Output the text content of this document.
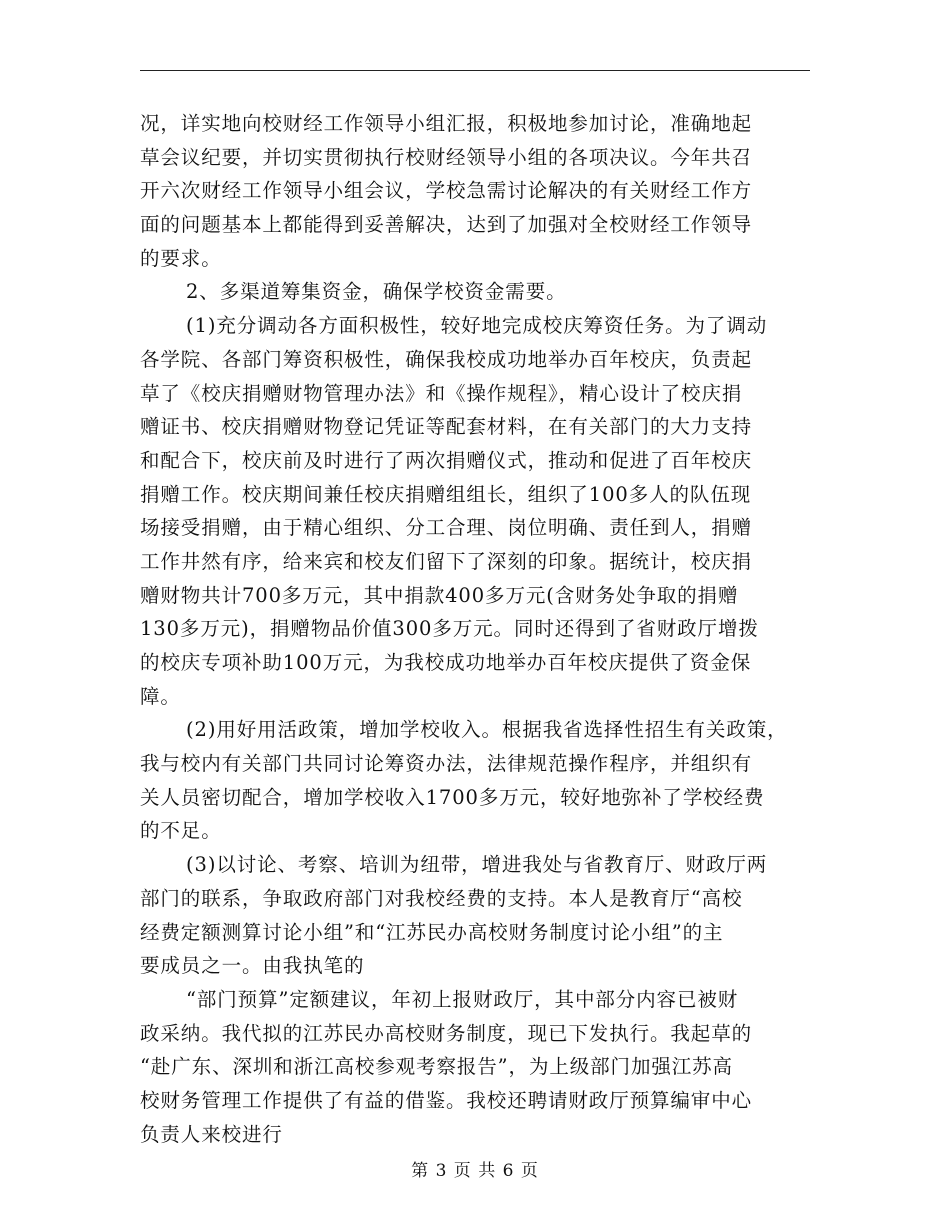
况，详实地向校财经工作领导小组汇报，积极地参加讨论，准确地起
草会议纪要，并切实贯彻执行校财经领导小组的各项决议。今年共召
开六次财经工作领导小组会议，学校急需讨论解决的有关财经工作方
面的问题基本上都能得到妥善解决，达到了加强对全校财经工作领导
的要求。
2、多渠道筹集资金，确保学校资金需要。
(1)充分调动各方面积极性，较好地完成校庆筹资任务。为了调动
各学院、各部门筹资积极性，确保我校成功地举办百年校庆，负责起
草了《校庆捐赠财物管理办法》和《操作规程》，精心设计了校庆捐
赠证书、校庆捐赠财物登记凭证等配套材料，在有关部门的大力支持
和配合下，校庆前及时进行了两次捐赠仪式，推动和促进了百年校庆
捐赠工作。校庆期间兼任校庆捐赠组组长，组织了100多人的队伍现
场接受捐赠，由于精心组织、分工合理、岗位明确、责任到人，捐赠
工作井然有序，给来宾和校友们留下了深刻的印象。据统计，校庆捐
赠财物共计700多万元，其中捐款400多万元(含财务处争取的捐赠
130多万元)，捐赠物品价值300多万元。同时还得到了省财政厅增拨
的校庆专项补助100万元，为我校成功地举办百年校庆提供了资金保
障。
(2)用好用活政策，增加学校收入。根据我省选择性招生有关政策，
我与校内有关部门共同讨论筹资办法，法律规范操作程序，并组织有
关人员密切配合，增加学校收入1700多万元，较好地弥补了学校经费
的不足。
(3)以讨论、考察、培训为纽带，增进我处与省教育厅、财政厅两
部门的联系，争取政府部门对我校经费的支持。本人是教育厅“高校
经费定额测算讨论小组”和“江苏民办高校财务制度讨论小组”的主
要成员之一。由我执笔的
“部门预算”定额建议，年初上报财政厅，其中部分内容已被财
政采纳。我代拟的江苏民办高校财务制度，现已下发执行。我起草的
“赴广东、深圳和浙江高校参观考察报告”，为上级部门加强江苏高
校财务管理工作提供了有益的借鉴。我校还聘请财政厅预算编审中心
负责人来校进行
第 3 页 共 6 页
